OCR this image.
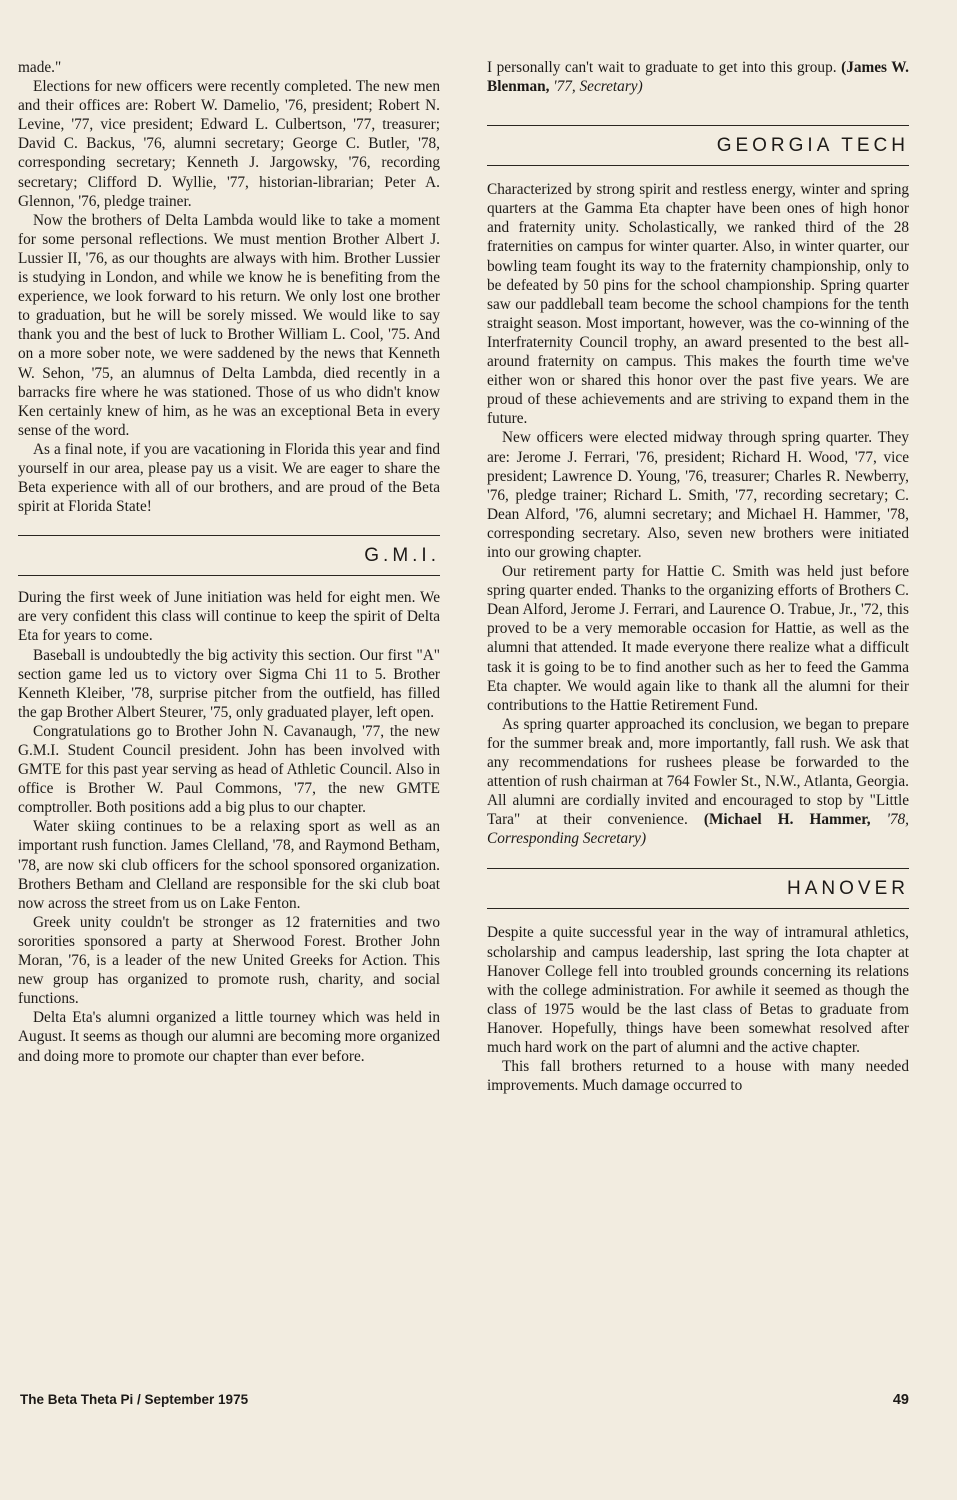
made."

Elections for new officers were recently completed. The new men and their offices are: Robert W. Damelio, '76, president; Robert N. Levine, '77, vice president; Edward L. Culbertson, '77, treasurer; David C. Backus, '76, alumni secretary; George C. Butler, '78, corresponding secretary; Kenneth J. Jargowsky, '76, recording secretary; Clifford D. Wyllie, '77, historian-librarian; Peter A. Glennon, '76, pledge trainer.

Now the brothers of Delta Lambda would like to take a moment for some personal reflections. We must mention Brother Albert J. Lussier II, '76, as our thoughts are always with him. Brother Lussier is studying in London, and while we know he is benefiting from the experience, we look forward to his return. We only lost one brother to graduation, but he will be sorely missed. We would like to say thank you and the best of luck to Brother William L. Cool, '75. And on a more sober note, we were saddened by the news that Kenneth W. Sehon, '75, an alumnus of Delta Lambda, died recently in a barracks fire where he was stationed. Those of us who didn't know Ken certainly knew of him, as he was an exceptional Beta in every sense of the word.

As a final note, if you are vacationing in Florida this year and find yourself in our area, please pay us a visit. We are eager to share the Beta experience with all of our brothers, and are proud of the Beta spirit at Florida State!

G.M.I.

During the first week of June initiation was held for eight men. We are very confident this class will continue to keep the spirit of Delta Eta for years to come.

Baseball is undoubtedly the big activity this section. Our first "A" section game led us to victory over Sigma Chi 11 to 5. Brother Kenneth Kleiber, '78, surprise pitcher from the outfield, has filled the gap Brother Albert Steurer, '75, only graduated player, left open.

Congratulations go to Brother John N. Cavanaugh, '77, the new G.M.I. Student Council president. John has been involved with GMTE for this past year serving as head of Athletic Council. Also in office is Brother W. Paul Commons, '77, the new GMTE comptroller. Both positions add a big plus to our chapter.

Water skiing continues to be a relaxing sport as well as an important rush function. James Clelland, '78, and Raymond Betham, '78, are now ski club officers for the school sponsored organization. Brothers Betham and Clelland are responsible for the ski club boat now across the street from us on Lake Fenton.

Greek unity couldn't be stronger as 12 fraternities and two sororities sponsored a party at Sherwood Forest. Brother John Moran, '76, is a leader of the new United Greeks for Action. This new group has organized to promote rush, charity, and social functions.

Delta Eta's alumni organized a little tourney which was held in August. It seems as though our alumni are becoming more organized and doing more to promote our chapter than ever before.

I personally can't wait to graduate to get into this group. (James W. Blenman, '77, Secretary)

GEORGIA TECH

Characterized by strong spirit and restless energy, winter and spring quarters at the Gamma Eta chapter have been ones of high honor and fraternity unity. Scholastically, we ranked third of the 28 fraternities on campus for winter quarter. Also, in winter quarter, our bowling team fought its way to the fraternity championship, only to be defeated by 50 pins for the school championship. Spring quarter saw our paddleball team become the school champions for the tenth straight season. Most important, however, was the co-winning of the Interfraternity Council trophy, an award presented to the best all-around fraternity on campus. This makes the fourth time we've either won or shared this honor over the past five years. We are proud of these achievements and are striving to expand them in the future.

New officers were elected midway through spring quarter. They are: Jerome J. Ferrari, '76, president; Richard H. Wood, '77, vice president; Lawrence D. Young, '76, treasurer; Charles R. Newberry, '76, pledge trainer; Richard L. Smith, '77, recording secretary; C. Dean Alford, '76, alumni secretary; and Michael H. Hammer, '78, corresponding secretary. Also, seven new brothers were initiated into our growing chapter.

Our retirement party for Hattie C. Smith was held just before spring quarter ended. Thanks to the organizing efforts of Brothers C. Dean Alford, Jerome J. Ferrari, and Laurence O. Trabue, Jr., '72, this proved to be a very memorable occasion for Hattie, as well as the alumni that attended. It made everyone there realize what a difficult task it is going to be to find another such as her to feed the Gamma Eta chapter. We would again like to thank all the alumni for their contributions to the Hattie Retirement Fund.

As spring quarter approached its conclusion, we began to prepare for the summer break and, more importantly, fall rush. We ask that any recommendations for rushees please be forwarded to the attention of rush chairman at 764 Fowler St., N.W., Atlanta, Georgia. All alumni are cordially invited and encouraged to stop by "Little Tara" at their convenience. (Michael H. Hammer, '78, Corresponding Secretary)

HANOVER

Despite a quite successful year in the way of intramural athletics, scholarship and campus leadership, last spring the Iota chapter at Hanover College fell into troubled grounds concerning its relations with the college administration. For awhile it seemed as though the class of 1975 would be the last class of Betas to graduate from Hanover. Hopefully, things have been somewhat resolved after much hard work on the part of alumni and the active chapter.

This fall brothers returned to a house with many needed improvements. Much damage occurred to

The Beta Theta Pi / September 1975	49
